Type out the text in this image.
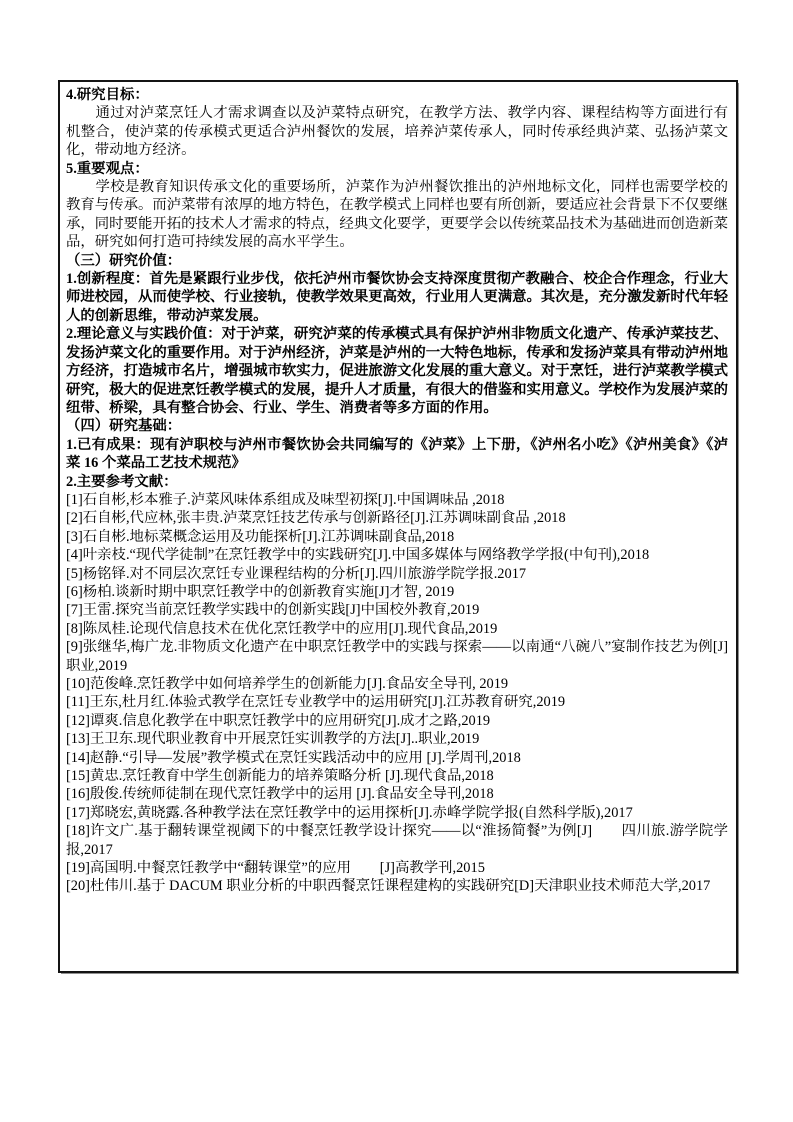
4.研究目标：
通过对泸菜烹饪人才需求调查以及泸菜特点研究，在教学方法、教学内容、课程结构等方面进行有机整合，使泸菜的传承模式更适合泸州餐饮的发展，培养泸菜传承人，同时传承经典泸菜、弘扬泸菜文化，带动地方经济。
5.重要观点：
学校是教育知识传承文化的重要场所，泸菜作为泸州餐饮推出的泸州地标文化，同样也需要学校的教育与传承。而泸菜带有浓厚的地方特色，在教学模式上同样也要有所创新，要适应社会背景下不仅要继承，同时要能开拓的技术人才需求的特点，经典文化要学，更要学会以传统菜品技术为基础进而创造新菜品，研究如何打造可持续发展的高水平学生。
（三）研究价值：
1.创新程度：首先是紧跟行业步伐，依托泸州市餐饮协会支持深度贯彻产教融合、校企合作理念，行业大师进校园，从而使学校、行业接轨，使教学效果更高效，行业用人更满意。其次是，充分激发新时代年轻人的创新思维，带动泸菜发展。
2.理论意义与实践价值：对于泸菜，研究泸菜的传承模式具有保护泸州非物质文化遗产、传承泸菜技艺、发扬泸菜文化的重要作用。对于泸州经济，泸菜是泸州的一大特色地标，传承和发扬泸菜具有带动泸州地方经济，打造城市名片，增强城市软实力，促进旅游文化发展的重大意义。对于烹饪，进行泸菜教学模式研究，极大的促进烹饪教学模式的发展，提升人才质量，有很大的借鉴和实用意义。学校作为发展泸菜的纽带、桥梁，具有整合协会、行业、学生、消费者等多方面的作用。
（四）研究基础：
1.已有成果：现有泸职校与泸州市餐饮协会共同编写的《泸菜》上下册，《泸州名小吃》《泸州美食》《泸菜 16 个菜品工艺技术规范》
2.主要参考文献：
[1]石自彬,杉本雅子.泸菜风味体系组成及味型初探[J].中国调味品 ,2018
[2]石自彬,代应林,张丰贵.泸菜烹饪技艺传承与创新路径[J].江苏调味副食品 ,2018
[3]石自彬.地标菜概念运用及功能探析[J].江苏调味副食品,2018
[4]叶亲枝.“现代学徒制”在烹饪教学中的实践研究[J].中国多媒体与网络教学学报(中旬刊),2018
[5]杨铭铎.对不同层次烹饪专业课程结构的分析[J].四川旅游学院学报.2017
[6]杨柏.谈新时期中职烹饪教学中的创新教育实施[J]才智, 2019
[7]王雷.探究当前烹饪教学实践中的创新实践[J]中国校外教育,2019
[8]陈凤桂.论现代信息技术在优化烹饪教学中的应用[J].现代食品,2019
[9]张继华,梅广龙.非物质文化遗产在中职烹饪教学中的实践与探索——以南通“八碗八”宴制作技艺为例[J]职业,2019
[10]范俊峰.烹饪教学中如何培养学生的创新能力[J].食品安全导刊, 2019
[11]王东,杜月红.体验式教学在烹饪专业教学中的运用研究[J].江苏教育研究,2019
[12]谭爽.信息化教学在中职烹饪教学中的应用研究[J].成才之路,2019
[13]王卫东.现代职业教育中开展烹饪实训教学的方法[J]..职业,2019
[14]赵静.“引导—发展”教学模式在烹饪实践活动中的应用 [J].学周刊,2018
[15]黄忠.烹饪教育中学生创新能力的培养策略分析 [J].现代食品,2018
[16]殷俊.传统师徒制在现代烹饪教学中的运用 [J].食品安全导刊,2018
[17]郑晓宏,黄晓露.各种教学法在烹饪教学中的运用探析[J].赤峰学院学报(自然科学版),2017
[18]许文广.基于翻转课堂视阈下的中餐烹饪教学设计探究——以“淮扬简餐”为例[J]　　四川旅.游学院学报,2017
[19]高国明.中餐烹饪教学中“翻转课堂”的应用　　[J]高教学刊,2015
[20]杜伟川.基于 DACUM 职业分析的中职西餐烹饪课程建构的实践研究[D]天津职业技术师范大学,2017
